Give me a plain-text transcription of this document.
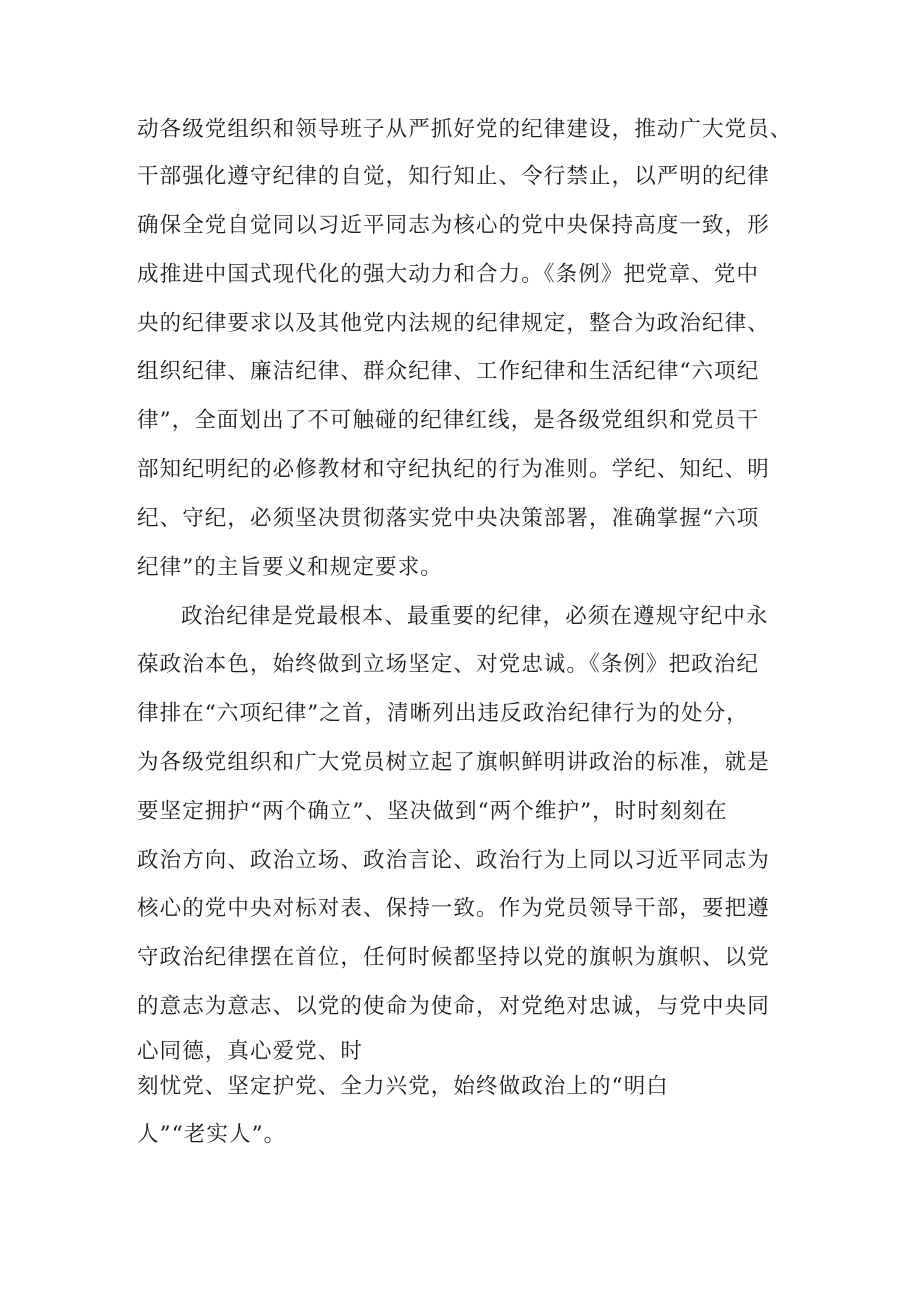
动各级党组织和领导班子从严抓好党的纪律建设，推动广大党员、
干部强化遵守纪律的自觉，知行知止、令行禁止，以严明的纪律
确保全党自觉同以习近平同志为核心的党中央保持高度一致，形
成推进中国式现代化的强大动力和合力。《条例》把党章、党中
央的纪律要求以及其他党内法规的纪律规定，整合为政治纪律、
组织纪律、廉洁纪律、群众纪律、工作纪律和生活纪律“六项纪
律”，全面划出了不可触碰的纪律红线，是各级党组织和党员干
部知纪明纪的必修教材和守纪执纪的行为准则。学纪、知纪、明
纪、守纪，必须坚决贯彻落实党中央决策部署，准确掌握“六项
纪律”的主旨要义和规定要求。
政治纪律是党最根本、最重要的纪律，必须在遵规守纪中永
葆政治本色，始终做到立场坚定、对党忠诚。《条例》把政治纪
律排在“六项纪律”之首，清晰列出违反政治纪律行为的处分，
为各级党组织和广大党员树立起了旗帜鲜明讲政治的标准，就是
要坚定拥护“两个确立”、坚决做到“两个维护”，时时刻刻在
政治方向、政治立场、政治言论、政治行为上同以习近平同志为
核心的党中央对标对表、保持一致。作为党员领导干部，要把遵
守政治纪律摆在首位，任何时候都坚持以党的旗帜为旗帜、以党
的意志为意志、以党的使命为使命，对党绝对忠诚，与党中央同
心同德，真心爱党、时
刻忧党、坚定护党、全力兴党，始终做政治上的“明白
人”“老实人”。
